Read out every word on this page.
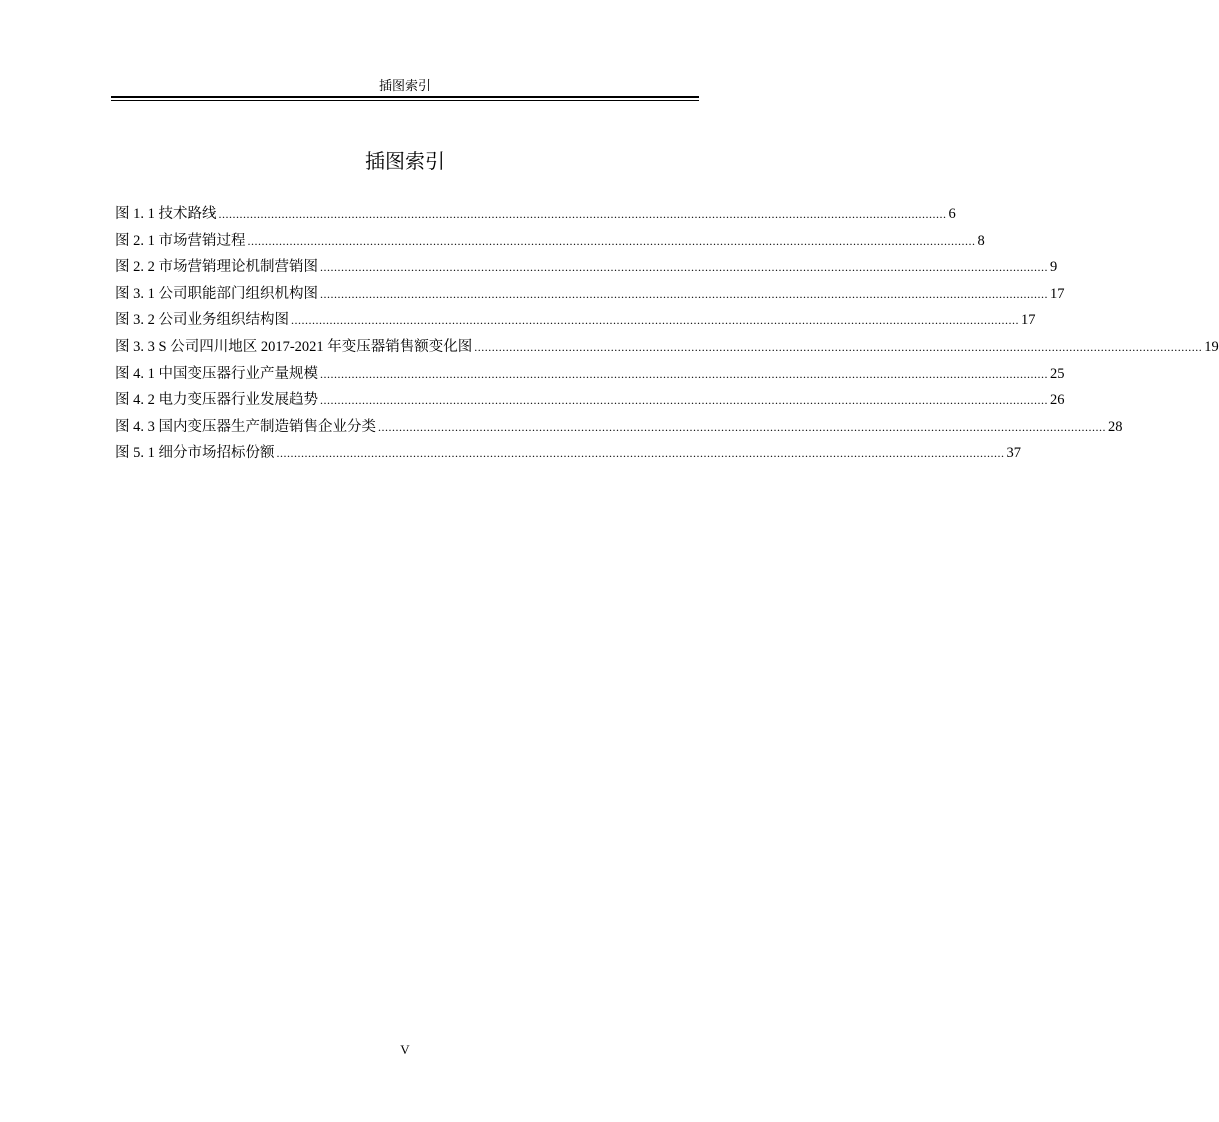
插图索引
插图索引
图 1. 1 技术路线 ................................................................................................................................................................................................................ 6
图 2. 1 市场营销过程 ................................................................................................................................................................................................................ 8
图 2. 2 市场营销理论机制营销图 ................................................................................................................................................................................................................ 9
图 3. 1 公司职能部门组织机构图 ................................................................................................................................................................................................................ 17
图 3. 2 公司业务组织结构图 ................................................................................................................................................................................................................ 17
图 3. 3 S 公司四川地区 2017-2021 年变压器销售额变化图 ................................................................................................................................................................................................................ 19
图 4. 1 中国变压器行业产量规模 ................................................................................................................................................................................................................ 25
图 4. 2 电力变压器行业发展趋势 ................................................................................................................................................................................................................ 26
图 4. 3 国内变压器生产制造销售企业分类 ................................................................................................................................................................................................................ 28
图 5. 1 细分市场招标份额 ................................................................................................................................................................................................................ 37
V
